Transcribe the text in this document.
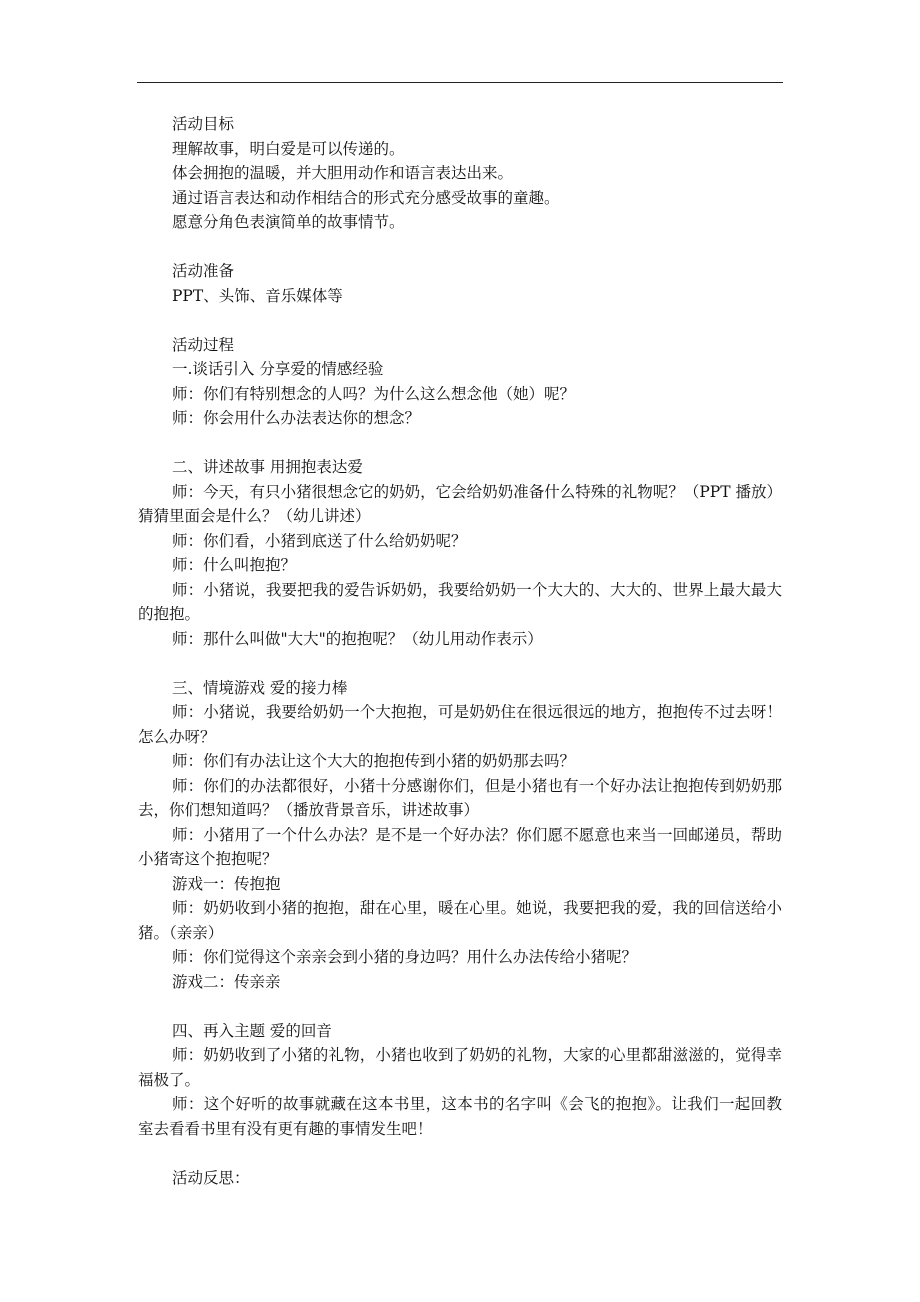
活动目标

理解故事，明白爱是可以传递的。

体会拥抱的温暖，并大胆用动作和语言表达出来。

通过语言表达和动作相结合的形式充分感受故事的童趣。

愿意分角色表演简单的故事情节。

活动准备

PPT、头饰、音乐媒体等

活动过程

一.谈话引入 分享爱的情感经验

师：你们有特别想念的人吗？为什么这么想念他（她）呢？

师：你会用什么办法表达你的想念？

二、讲述故事 用拥抱表达爱

师：今天，有只小猪很想念它的奶奶，它会给奶奶准备什么特殊的礼物呢？（PPT 播放）猜猜里面会是什么？（幼儿讲述）

师：你们看，小猪到底送了什么给奶奶呢？

师：什么叫抱抱？

师：小猪说，我要把我的爱告诉奶奶，我要给奶奶一个大大的、大大的、世界上最大最大的抱抱。

师：那什么叫做"大大"的抱抱呢？（幼儿用动作表示）

三、情境游戏 爱的接力棒

师：小猪说，我要给奶奶一个大抱抱，可是奶奶住在很远很远的地方，抱抱传不过去呀！怎么办呀？

师：你们有办法让这个大大的抱抱传到小猪的奶奶那去吗？

师：你们的办法都很好，小猪十分感谢你们，但是小猪也有一个好办法让抱抱传到奶奶那去，你们想知道吗？（播放背景音乐，讲述故事）

师：小猪用了一个什么办法？是不是一个好办法？你们愿不愿意也来当一回邮递员，帮助小猪寄这个抱抱呢？

游戏一：传抱抱

师：奶奶收到小猪的抱抱，甜在心里，暖在心里。她说，我要把我的爱，我的回信送给小猪。（亲亲）

师：你们觉得这个亲亲会到小猪的身边吗？用什么办法传给小猪呢？

游戏二：传亲亲

四、再入主题 爱的回音

师：奶奶收到了小猪的礼物，小猪也收到了奶奶的礼物，大家的心里都甜滋滋的，觉得幸福极了。

师：这个好听的故事就藏在这本书里，这本书的名字叫《会飞的抱抱》。让我们一起回教室去看看书里有没有更有趣的事情发生吧！

活动反思：
